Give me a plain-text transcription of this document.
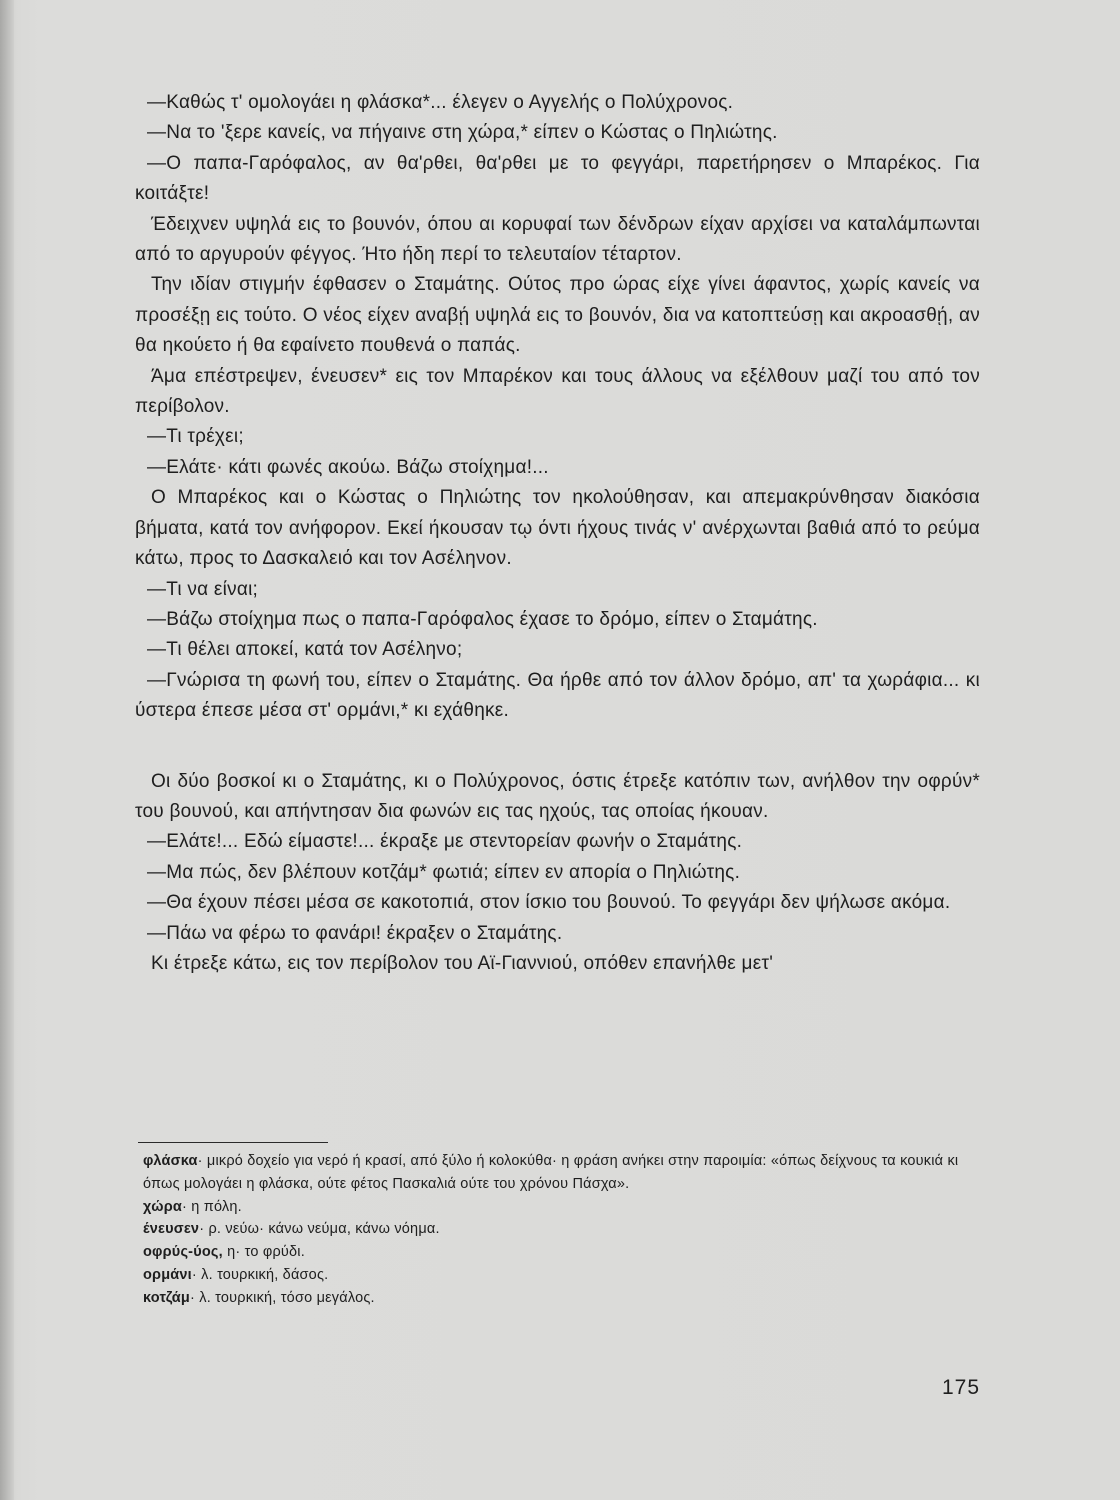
—Καθώς τ' ομολογάει η φλάσκα*... έλεγεν ο Αγγελής ο Πολύχρονος.

—Να το 'ξερε κανείς, να πήγαινε στη χώρα,* είπεν ο Κώστας ο Πηλιώτης.

—Ο παπα-Γαρόφαλος, αν θα'ρθει, θα'ρθει με το φεγγάρι, παρετήρησεν ο Μπαρέκος. Για κοιτάξτε!

Έδειχνεν υψηλά εις το βουνόν, όπου αι κορυφαί των δένδρων είχαν αρχίσει να καταλάμπωνται από το αργυρούν φέγγος. Ήτο ήδη περί το τελευταίον τέταρτον.

Την ιδίαν στιγμήν έφθασεν ο Σταμάτης. Ούτος προ ώρας είχε γίνει άφαντος, χωρίς κανείς να προσέξῃ εις τούτο. Ο νέος είχεν αναβῄ υψηλά εις το βουνόν, δια να κατοπτεύσῃ και ακροασθῄ, αν θα ηκούετο ή θα εφαίνετο πουθενά ο παπάς.

Άμα επέστρεψεν, ένευσεν* εις τον Μπαρέκον και τους άλλους να εξέλθουν μαζί του από τον περίβολον.

—Τι τρέχει;

—Ελάτε· κάτι φωνές ακούω. Βάζω στοίχημα!...

Ο Μπαρέκος και ο Κώστας ο Πηλιώτης τον ηκολούθησαν, και απεμακρύνθησαν διακόσια βήματα, κατά τον ανήφορον. Εκεί ήκουσαν τῳ όντι ήχους τινάς ν' ανέρχωνται βαθιά από το ρεύμα κάτω, προς το Δασκαλειό και τον Ασέληνον.

—Τι να είναι;

—Βάζω στοίχημα πως ο παπα-Γαρόφαλος έχασε το δρόμο, είπεν ο Σταμάτης.

—Τι θέλει αποκεί, κατά τον Ασέληνο;

—Γνώρισα τη φωνή του, είπεν ο Σταμάτης. Θα ήρθε από τον άλλον δρόμο, απ' τα χωράφια... κι ύστερα έπεσε μέσα στ' ορμάνι,* κι εχάθηκε.

Οι δύο βοσκοί κι ο Σταμάτης, κι ο Πολύχρονος, όστις έτρεξε κατόπιν των, ανήλθον την οφρύν* του βουνού, και απήντησαν δια φωνών εις τας ηχούς, τας οποίας ήκουαν.

—Ελάτε!... Εδώ είμαστε!... έκραξε με στεντορείαν φωνήν ο Σταμάτης.

—Μα πώς, δεν βλέπουν κοτζάμ* φωτιά; είπεν εν απορία ο Πηλιώτης.

—Θα έχουν πέσει μέσα σε κακοτοπιά, στον ίσκιο του βουνού. Το φεγγάρι δεν ψήλωσε ακόμα.

—Πάω να φέρω το φανάρι! έκραξεν ο Σταμάτης.

Κι έτρεξε κάτω, εις τον περίβολον του Αϊ-Γιαννιού, οπόθεν επανήλθε μετ'

φλάσκα· μικρό δοχείο για νερό ή κρασί, από ξύλο ή κολοκύθα· η φράση ανήκει στην παροιμία: «όπως δείχνους τα κουκιά κι όπως μολογάει η φλάσκα, ούτε φέτος Πασκαλιά ούτε του χρόνου Πάσχα».

χώρα· η πόλη.

ένευσεν· ρ. νεύω· κάνω νεύμα, κάνω νόημα.

οφρύς-ύος, η· το φρύδι.

ορμάνι· λ. τουρκική, δάσος.

κοτζάμ· λ. τουρκική, τόσο μεγάλος.

175
